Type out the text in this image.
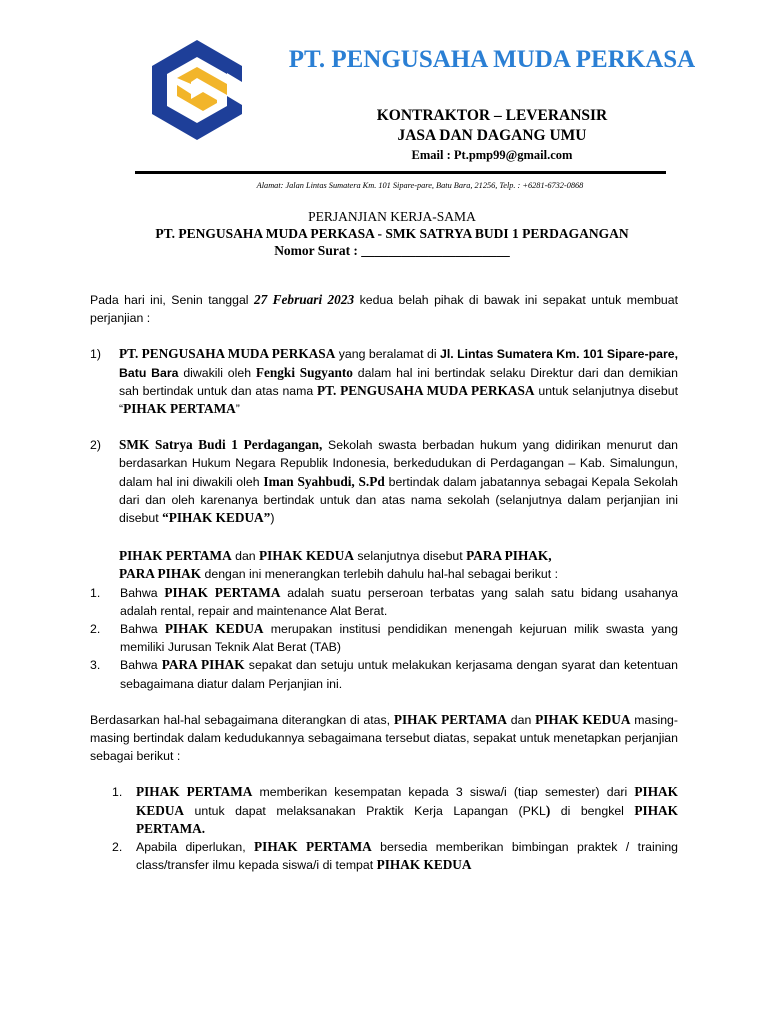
PT. PENGUSAHA MUDA PERKASA
KONTRAKTOR – LEVERANSIR
JASA DAN DAGANG UMU
Email : Pt.pmp99@gmail.com
Alamat: Jalan Lintas Sumatera Km. 101 Sipare-pare, Batu Bara, 21256, Telp. : +6281-6732-0868
PERJANJIAN KERJA-SAMA
PT. PENGUSAHA MUDA PERKASA - SMK SATRYA BUDI 1 PERDAGANGAN
Nomor Surat : ______________________

Pada hari ini, Senin tanggal 27 Februari 2023 kedua belah pihak di bawak ini sepakat untuk membuat perjanjian :

1) PT. PENGUSAHA MUDA PERKASA yang beralamat di Jl. Lintas Sumatera Km. 101 Sipare-pare, Batu Bara diwakili oleh Fengki Sugyanto dalam hal ini bertindak selaku Direktur dari dan demikian sah bertindak untuk dan atas nama PT. PENGUSAHA MUDA PERKASA untuk selanjutnya disebut “PIHAK PERTAMA”
2) SMK Satrya Budi 1 Perdagangan, Sekolah swasta berbadan hukum yang didirikan menurut dan berdasarkan Hukum Negara Republik Indonesia, berkedudukan di Perdagangan – Kab. Simalungun, dalam hal ini diwakili oleh Iman Syahbudi, S.Pd bertindak dalam jabatannya sebagai Kepala Sekolah dari dan oleh karenanya bertindak untuk dan atas nama sekolah (selanjutnya dalam perjanjian ini disebut “PIHAK KEDUA”)
PIHAK PERTAMA dan PIHAK KEDUA selanjutnya disebut PARA PIHAK,
PARA PIHAK dengan ini menerangkan terlebih dahulu hal-hal sebagai berikut :
1. Bahwa PIHAK PERTAMA adalah suatu perseroan terbatas yang salah satu bidang usahanya adalah rental, repair and maintenance Alat Berat.
2. Bahwa PIHAK KEDUA merupakan institusi pendidikan menengah kejuruan milik swasta yang memiliki Jurusan Teknik Alat Berat (TAB)
3. Bahwa PARA PIHAK sepakat dan setuju untuk melakukan kerjasama dengan syarat dan ketentuan sebagaimana diatur dalam Perjanjian ini.

Berdasarkan hal-hal sebagaimana diterangkan di atas, PIHAK PERTAMA dan PIHAK KEDUA masing-masing bertindak dalam kedudukannya sebagaimana tersebut diatas, sepakat untuk menetapkan perjanjian sebagai berikut :

1. PIHAK PERTAMA memberikan kesempatan kepada 3 siswa/i (tiap semester) dari PIHAK KEDUA untuk dapat melaksanakan Praktik Kerja Lapangan (PKL) di bengkel PIHAK PERTAMA.
2. Apabila diperlukan, PIHAK PERTAMA bersedia memberikan bimbingan praktek / training class/transfer ilmu kepada siswa/i di tempat PIHAK KEDUA
